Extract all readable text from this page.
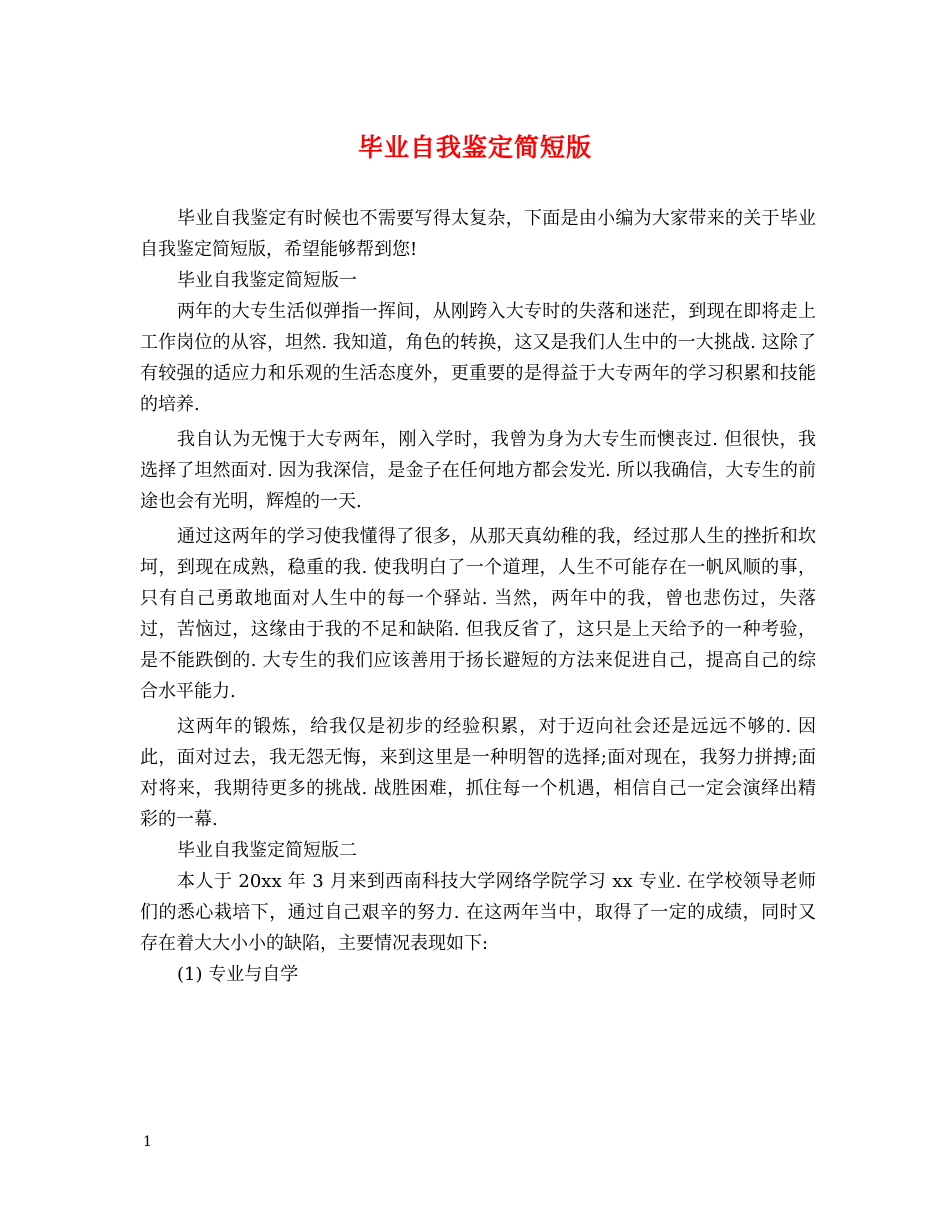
毕业自我鉴定简短版

毕业自我鉴定有时候也不需要写得太复杂，下面是由小编为大家带来的关于毕业自我鉴定简短版，希望能够帮到您!

毕业自我鉴定简短版一

两年的大专生活似弹指一挥间，从刚跨入大专时的失落和迷茫，到现在即将走上工作岗位的从容，坦然. 我知道，角色的转换，这又是我们人生中的一大挑战. 这除了有较强的适应力和乐观的生活态度外，更重要的是得益于大专两年的学习积累和技能的培养.

我自认为无愧于大专两年，刚入学时，我曾为身为大专生而懊丧过. 但很快，我选择了坦然面对. 因为我深信，是金子在任何地方都会发光. 所以我确信，大专生的前途也会有光明，辉煌的一天.

通过这两年的学习使我懂得了很多，从那天真幼稚的我，经过那人生的挫折和坎坷，到现在成熟，稳重的我. 使我明白了一个道理，人生不可能存在一帆风顺的事，只有自己勇敢地面对人生中的每一个驿站. 当然，两年中的我，曾也悲伤过，失落过，苦恼过，这缘由于我的不足和缺陷. 但我反省了，这只是上天给予的一种考验，是不能跌倒的. 大专生的我们应该善用于扬长避短的方法来促进自己，提高自己的综合水平能力.

这两年的锻炼，给我仅是初步的经验积累，对于迈向社会还是远远不够的. 因此，面对过去，我无怨无悔，来到这里是一种明智的选择;面对现在，我努力拼搏;面对将来，我期待更多的挑战. 战胜困难，抓住每一个机遇，相信自己一定会演绎出精彩的一幕.

毕业自我鉴定简短版二

本人于 20xx 年 3 月来到西南科技大学网络学院学习 xx 专业. 在学校领导老师们的悉心栽培下，通过自己艰辛的努力. 在这两年当中，取得了一定的成绩，同时又存在着大大小小的缺陷，主要情况表现如下:

(1) 专业与自学

1
